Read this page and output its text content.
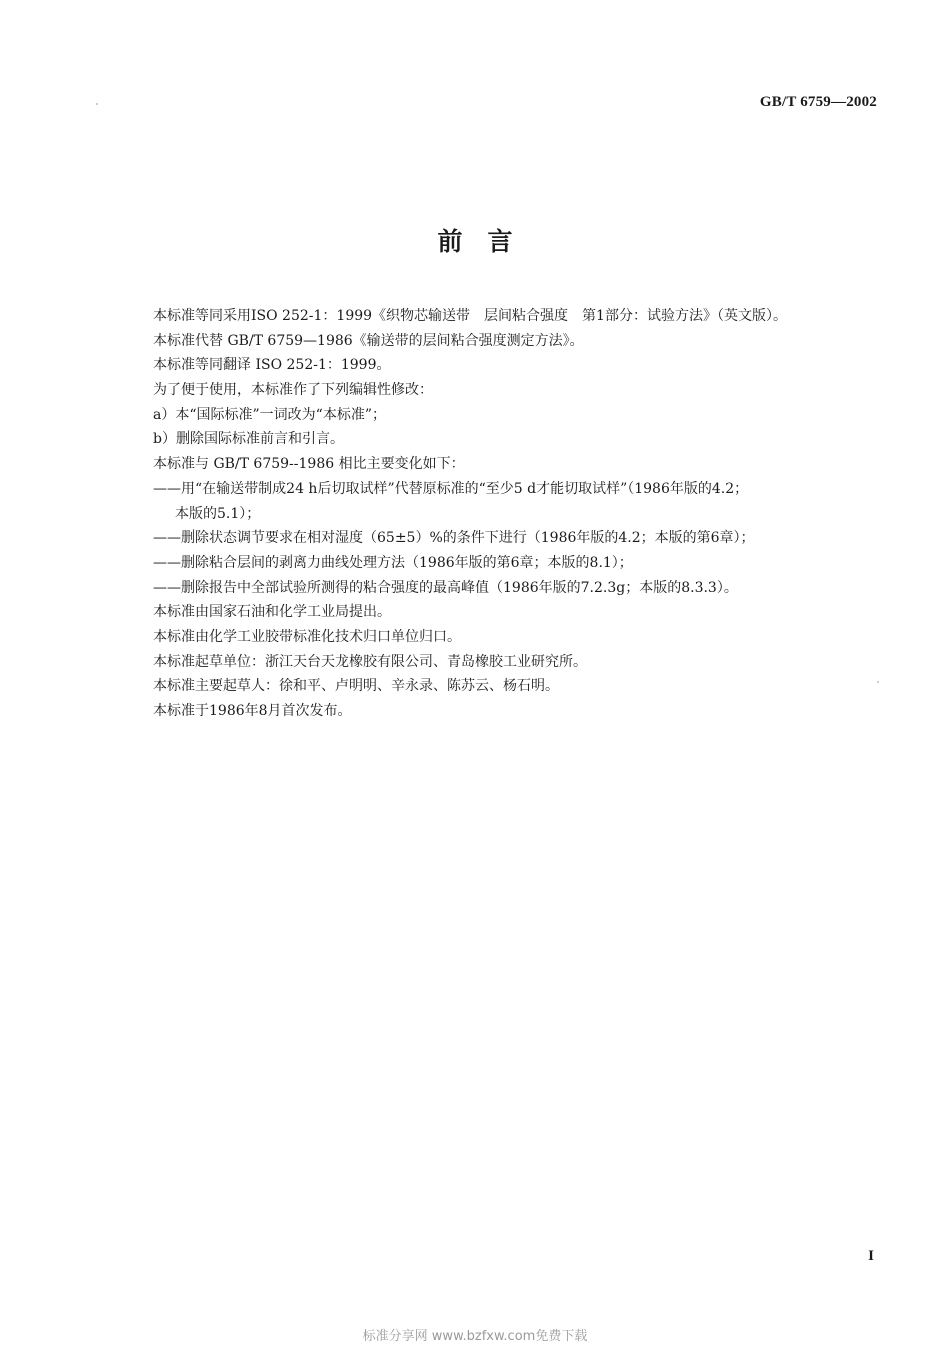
GB/T 6759—2002
前　言
本标准等同采用ISO 252-1：1999《织物芯输送带　层间粘合强度　第1部分：试验方法》（英文版）。
本标准代替 GB/T 6759—1986《输送带的层间粘合强度测定方法》。
本标准等同翻译 ISO 252-1：1999。
为了便于使用，本标准作了下列编辑性修改：
a）本“国际标准”一词改为“本标准”；
b）删除国际标准前言和引言。
本标准与 GB/T 6759--1986 相比主要变化如下：
——用“在输送带制成24 h后切取试样”代替原标准的“至少5 d才能切取试样”（1986年版的4.2；
本版的5.1）；
——删除状态调节要求在相对湿度（65±5）%的条件下进行（1986年版的4.2；本版的第6章）；
——删除粘合层间的剥离力曲线处理方法（1986年版的第6章；本版的8.1）；
——删除报告中全部试验所测得的粘合强度的最高峰值（1986年版的7.2.3g；本版的8.3.3）。
本标准由国家石油和化学工业局提出。
本标准由化学工业胶带标准化技术归口单位归口。
本标准起草单位：浙江天台天龙橡胶有限公司、青岛橡胶工业研究所。
本标准主要起草人：徐和平、卢明明、辛永录、陈苏云、杨石明。
本标准于1986年8月首次发布。
I
标准分享网 www.bzfxw.com免费下载
